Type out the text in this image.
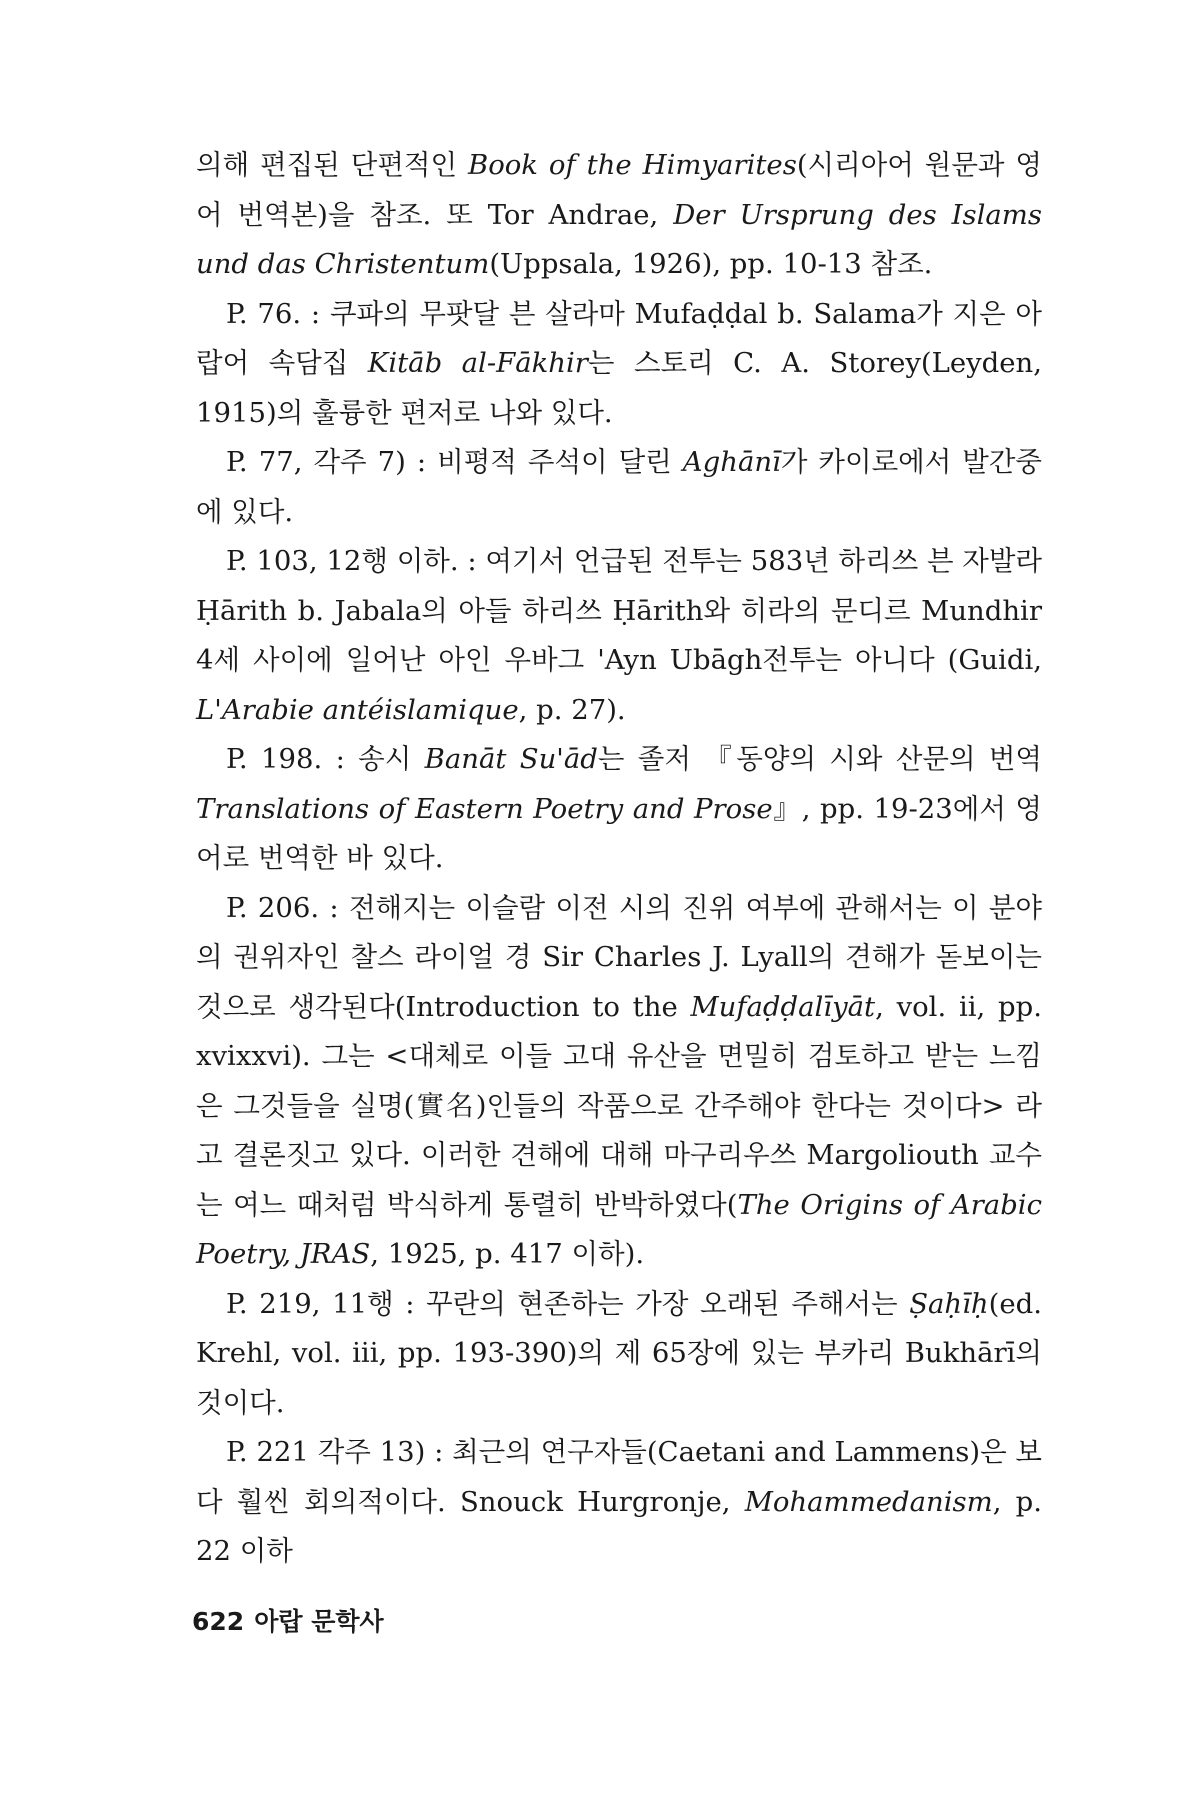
의해 편집된 단편적인 Book of the Himyarites(시리아어 원문과 영어 번역본)을 참조. 또 Tor Andrae, Der Ursprung des Islams und das Christentum(Uppsala, 1926), pp. 10-13 참조.

P. 76. : 쿠파의 무팟달 븐 살라마 Mufaḍḍal b. Salama가 지은 아랍어 속담집 Kitāb al-Fākhir는 스토리 C. A. Storey(Leyden, 1915)의 훌륭한 편저로 나와 있다.

P. 77, 각주 7) : 비평적 주석이 달린 Aghānī가 카이로에서 발간중에 있다.

P. 103, 12행 이하. : 여기서 언급된 전투는 583년 하리쓰 븐 자발라 Ḥārith b. Jabala의 아들 하리쓰 Ḥārith와 히라의 문디르 Mundhir 4세 사이에 일어난 아인 우바그 'Ayn Ubāgh전투는 아니다 (Guidi, L'Arabie antéislamique, p. 27).

P. 198. : 송시 Banāt Su'ād는 졸저 『동양의 시와 산문의 번역 Translations of Eastern Poetry and Prose』, pp. 19-23에서 영어로 번역한 바 있다.

P. 206. : 전해지는 이슬람 이전 시의 진위 여부에 관해서는 이 분야의 권위자인 찰스 라이얼 경 Sir Charles J. Lyall의 견해가 돋보이는 것으로 생각된다(Introduction to the Mufaḍḍalīyāt, vol. ii, pp. xvixxvi). 그는 <대체로 이들 고대 유산을 면밀히 검토하고 받는 느낌은 그것들을 실명(實名)인들의 작품으로 간주해야 한다는 것이다> 라고 결론짓고 있다. 이러한 견해에 대해 마구리우쓰 Margoliouth 교수는 여느 때처럼 박식하게 통렬히 반박하였다(The Origins of Arabic Poetry, JRAS, 1925, p. 417 이하).

P. 219, 11행 : 꾸란의 현존하는 가장 오래된 주해서는 Ṣaḥīḥ(ed. Krehl, vol. iii, pp. 193-390)의 제 65장에 있는 부카리 Bukhārī의 것이다.

P. 221 각주 13) : 최근의 연구자들(Caetani and Lammens)은 보다 훨씬 회의적이다. Snouck Hurgronje, Mohammedanism, p. 22 이하

622 아랍 문학사
